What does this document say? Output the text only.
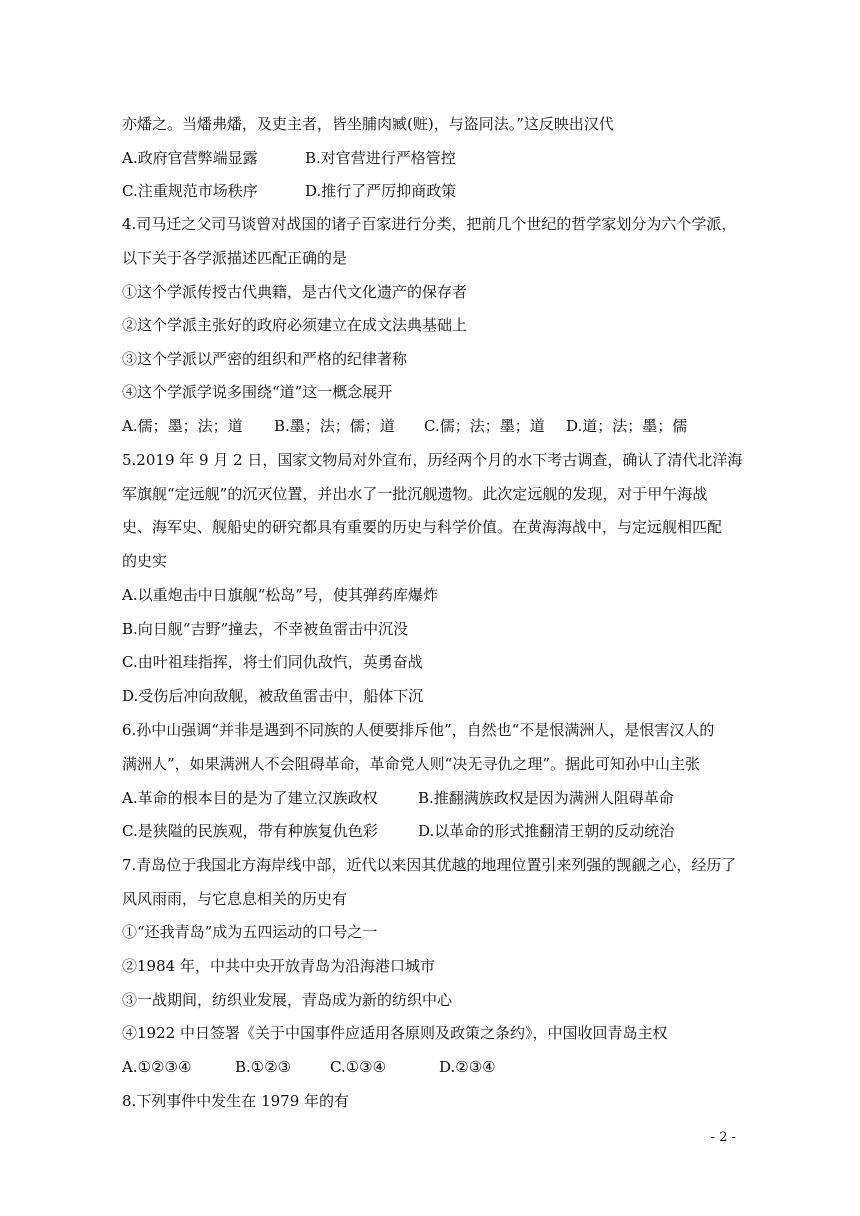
亦燔之。当燔弗燔，及吏主者，皆坐脯肉臧(赃)，与盗同法。”这反映出汉代
A.政府官营弊端显露	B.对官营进行严格管控
C.注重规范市场秩序	D.推行了严厉抑商政策
4.司马迁之父司马谈曾对战国的诸子百家进行分类，把前几个世纪的哲学家划分为六个学派，
以下关于各学派描述匹配正确的是
①这个学派传授古代典籍，是古代文化遗产的保存者
②这个学派主张好的政府必须建立在成文法典基础上
③这个学派以严密的组织和严格的纪律著称
④这个学派学说多围绕“道”这一概念展开
A.儒；墨；法；道 B.墨；法；儒；道 C.儒；法；墨；道 D.道；法；墨；儒
5.2019 年 9 月 2 日，国家文物局对外宣布，历经两个月的水下考古调查，确认了清代北洋海
军旗舰“定远舰”的沉灭位置，并出水了一批沉舰遗物。此次定远舰的发现，对于甲午海战
史、海军史、舰船史的研究都具有重要的历史与科学价值。在黄海海战中，与定远舰相匹配
的史实
A.以重炮击中日旗舰“松岛”号，使其弹药库爆炸
B.向日舰“吉野”撞去，不幸被鱼雷击中沉没
C.由叶祖珪指挥，将士们同仇敌忾，英勇奋战
D.受伤后冲向敌舰，被敌鱼雷击中，船体下沉
6.孙中山强调“并非是遇到不同族的人便要排斥他”，自然也“不是恨满洲人，是恨害汉人的
满洲人”，如果满洲人不会阻碍革命，革命党人则“决无寻仇之理”。据此可知孙中山主张
A.革命的根本目的是为了建立汉族政权	B.推翻满族政权是因为满洲人阻碍革命
C.是狭隘的民族观，带有种族复仇色彩	D.以革命的形式推翻清王朝的反动统治
7.青岛位于我国北方海岸线中部，近代以来因其优越的地理位置引来列强的觊觎之心，经历了
风风雨雨，与它息息相关的历史有
①“还我青岛”成为五四运动的口号之一
②1984 年，中共中央开放青岛为沿海港口城市
③一战期间，纺织业发展，青岛成为新的纺织中心
④1922 中日签署《关于中国事件应适用各原则及政策之条约》，中国收回青岛主权
A.①②③④	B.①②③	C.①③④	D.②③④
8.下列事件中发生在 1979 年的有
- 2 -
